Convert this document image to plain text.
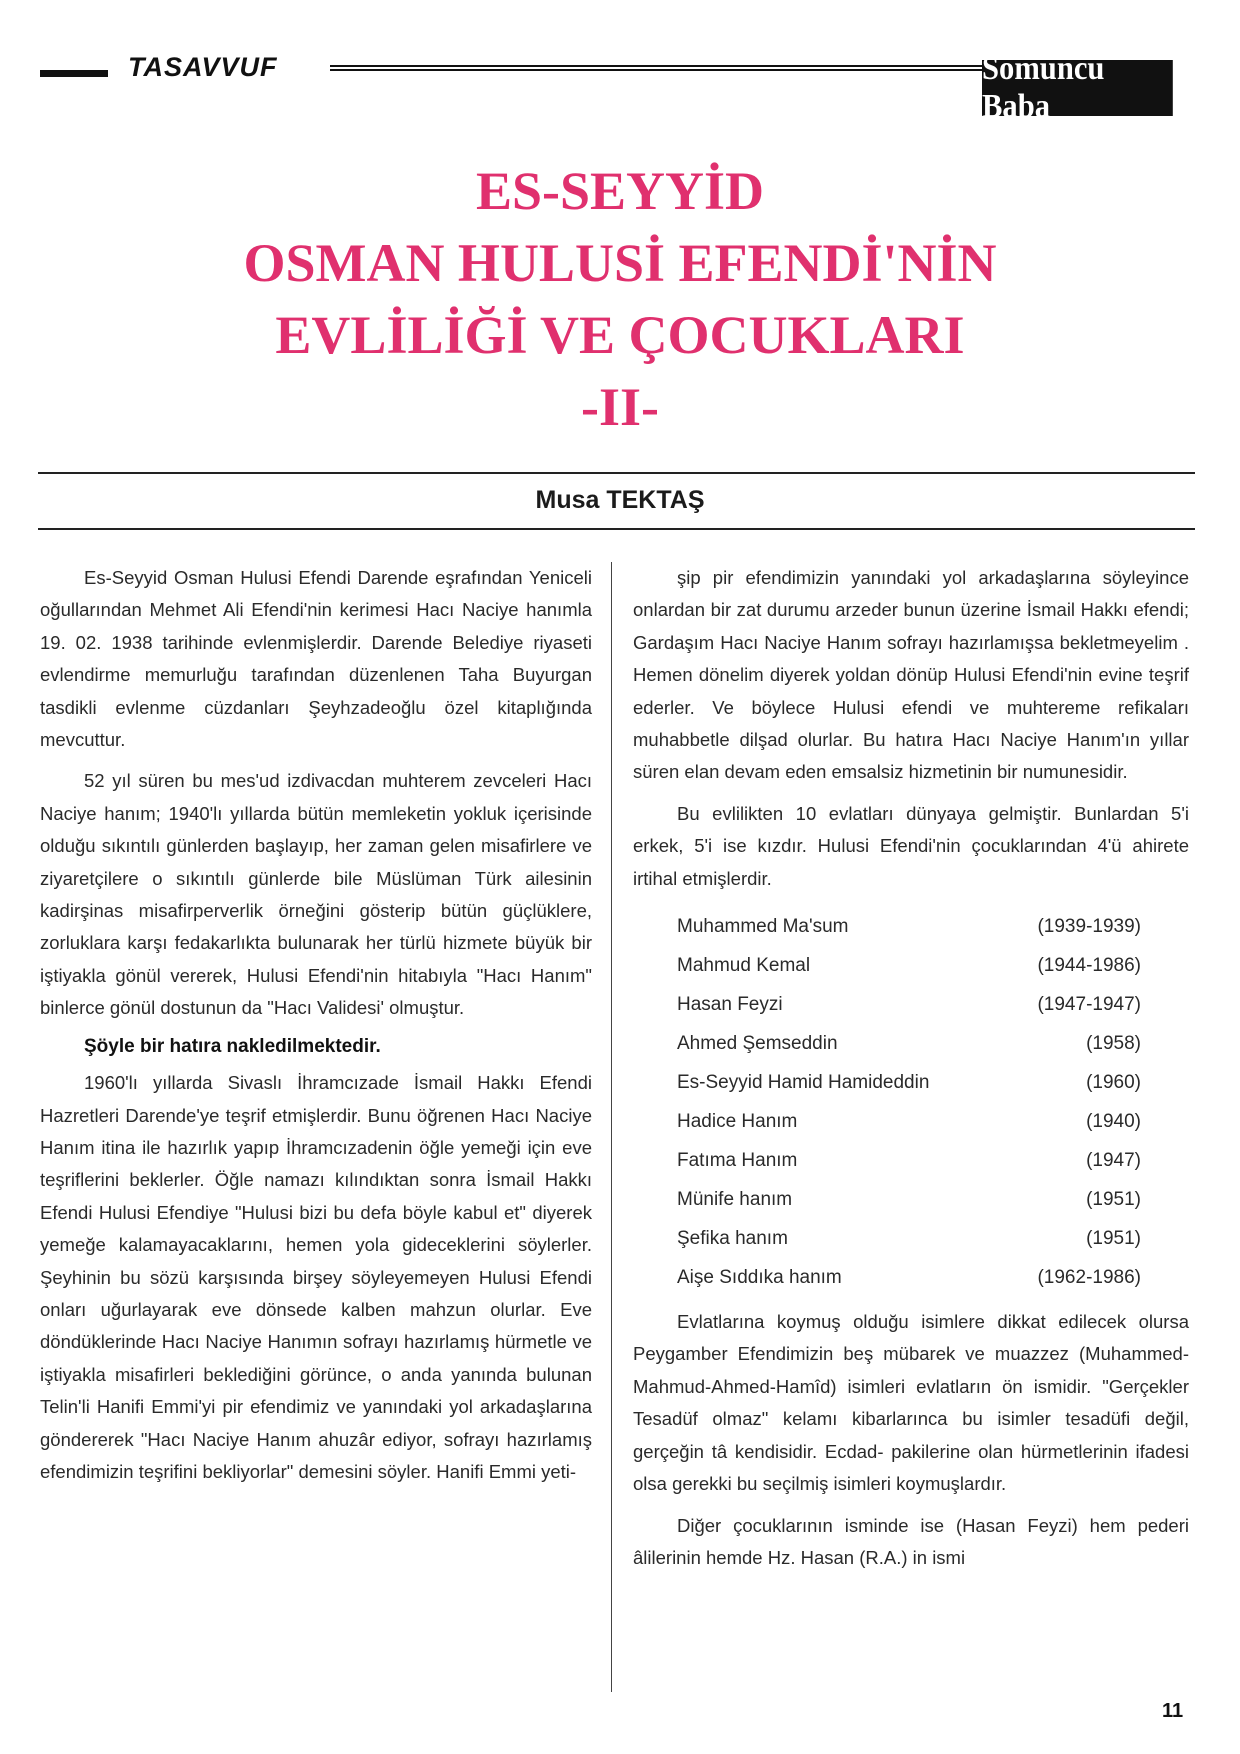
TASAVVUF	Somuncu Baba
ES-SEYYİD
OSMAN HULUSİ EFENDİ'NİN
EVLİLİĞİ VE ÇOCUKLARI
-II-
Musa TEKTAŞ

Es-Seyyid Osman Hulusi Efendi Darende eşrafından Yeniceli oğullarından Mehmet Ali Efendi'nin kerimesi Hacı Naciye hanımla 19. 02. 1938 tarihinde evlenmişlerdir. Darende Belediye riyaseti evlendirme memurluğu tarafından düzenlenen Taha Buyurgan tasdikli evlenme cüzdanları Şeyhzadeoğlu özel kitaplığında mevcuttur.

52 yıl süren bu mes'ud izdivacdan muhterem zevceleri Hacı Naciye hanım; 1940'lı yıllarda bütün memleketin yokluk içerisinde olduğu sıkıntılı günlerden başlayıp, her zaman gelen misafirlere ve ziyaretçilere o sıkıntılı günlerde bile Müslüman Türk ailesinin kadirşinas misafirperverlik örneğini gösterip bütün güçlüklere, zorluklara karşı fedakarlıkta bulunarak her türlü hizmete büyük bir iştiyakla gönül vererek, Hulusi Efendi'nin hitabıyla "Hacı Hanım" binlerce gönül dostunun da "Hacı Validesi' olmuştur.

Şöyle bir hatıra nakledilmektedir.

1960'lı yıllarda Sivaslı İhramcızade İsmail Hakkı Efendi Hazretleri Darende'ye teşrif etmişlerdir. Bunu öğrenen Hacı Naciye Hanım itina ile hazırlık yapıp İhramcızadenin öğle yemeği için eve teşriflerini beklerler. Öğle namazı kılındıktan sonra İsmail Hakkı Efendi Hulusi Efendiye "Hulusi bizi bu defa böyle kabul et" diyerek yemeğe kalamayacaklarını, hemen yola gideceklerini söylerler. Şeyhinin bu sözü karşısında birşey söyleyemeyen Hulusi Efendi onları uğurlayarak eve dönsede kalben mahzun olurlar. Eve döndüklerinde Hacı Naciye Hanımın sofrayı hazırlamış hürmetle ve iştiyakla misafirleri beklediğini görünce, o anda yanında bulunan Telin'li Hanifi Emmi'yi pir efendimiz ve yanındaki yol arkadaşlarına göndererek "Hacı Naciye Hanım ahuzâr ediyor, sofrayı hazırlamış efendimizin teşrifini bekliyorlar" demesini söyler. Hanifi Emmi yeti-

şip pir efendimizin yanındaki yol arkadaşlarına söyleyince onlardan bir zat durumu arzeder bunun üzerine İsmail Hakkı efendi; Gardaşım Hacı Naciye Hanım sofrayı hazırlamışsa bekletmeyelim . Hemen dönelim diyerek yoldan dönüp Hulusi Efendi'nin evine teşrif ederler. Ve böylece Hulusi efendi ve muhtereme refikaları muhabbetle dilşad olurlar. Bu hatıra Hacı Naciye Hanım'ın yıllar süren elan devam eden emsalsiz hizmetinin bir numunesidir.

Bu evlilikten 10 evlatları dünyaya gelmiştir. Bunlardan 5'i erkek, 5'i ise kızdır. Hulusi Efendi'nin çocuklarından 4'ü ahirete irtihal etmişlerdir.

Muhammed Ma'sum	(1939-1939)
Mahmud Kemal	(1944-1986)
Hasan Feyzi	(1947-1947)
Ahmed Şemseddin	(1958)
Es-Seyyid Hamid Hamideddin	(1960)
Hadice Hanım	(1940)
Fatıma Hanım	(1947)
Münife hanım	(1951)
Şefika hanım	(1951)
Aişe Sıddıka hanım	(1962-1986)

Evlatlarına koymuş olduğu isimlere dikkat edilecek olursa Peygamber Efendimizin beş mübarek ve muazzez (Muhammed-Mahmud-Ahmed-Hamîd) isimleri evlatların ön ismidir. "Gerçekler Tesadüf olmaz" kelamı kibarlarınca bu isimler tesadüfi değil, gerçeğin tâ kendisidir. Ecdad- pakilerine olan hürmetlerinin ifadesi olsa gerekki bu seçilmiş isimleri koymuşlardır.

Diğer çocuklarının isminde ise (Hasan Feyzi) hem pederi âlilerinin hemde Hz. Hasan (R.A.) in ismi

11
